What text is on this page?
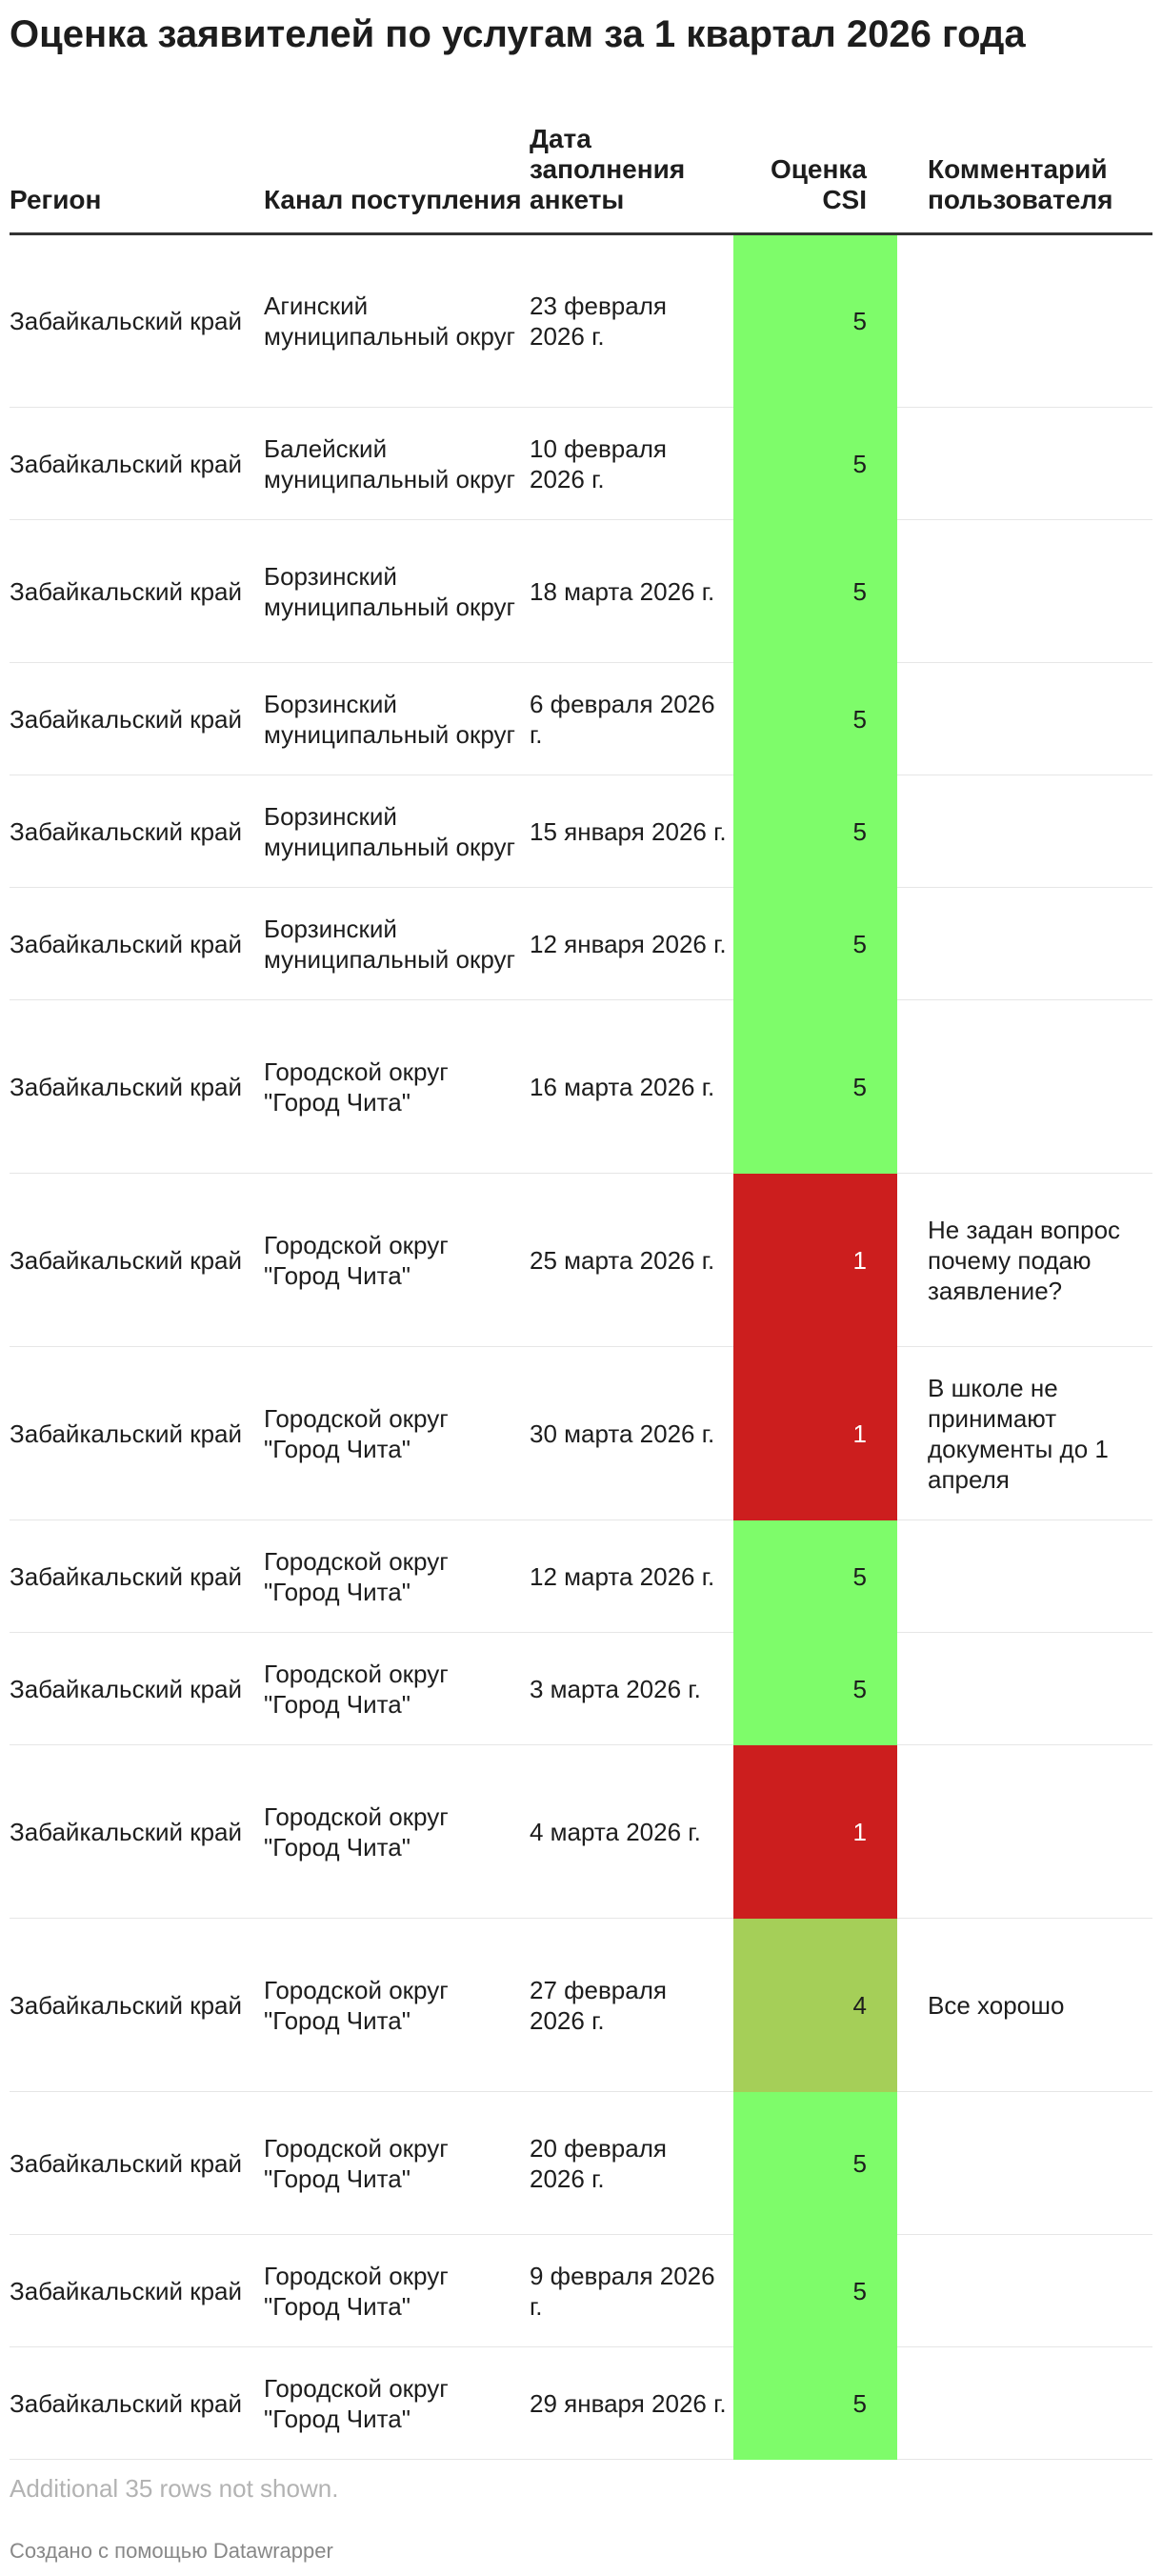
Оценка заявителей по услугам за 1 квартал 2026 года
Регион	Канал поступления	Дата заполнения анкеты	Оценка CSI	Комментарий пользователя
Забайкальский край	Агинский муниципальный округ	23 февраля 2026 г.	5	
Забайкальский край	Балейский муниципальный округ	10 февраля 2026 г.	5	
Забайкальский край	Борзинский муниципальный округ	18 марта 2026 г.	5	
Забайкальский край	Борзинский муниципальный округ	6 февраля 2026 г.	5	
Забайкальский край	Борзинский муниципальный округ	15 января 2026 г.	5	
Забайкальский край	Борзинский муниципальный округ	12 января 2026 г.	5	
Забайкальский край	Городской округ "Город Чита"	16 марта 2026 г.	5	
Забайкальский край	Городской округ "Город Чита"	25 марта 2026 г.	1	Не задан вопрос почему подаю заявление?
Забайкальский край	Городской округ "Город Чита"	30 марта 2026 г.	1	В школе не принимают документы до 1 апреля
Забайкальский край	Городской округ "Город Чита"	12 марта 2026 г.	5	
Забайкальский край	Городской округ "Город Чита"	3 марта 2026 г.	5	
Забайкальский край	Городской округ "Город Чита"	4 марта 2026 г.	1	
Забайкальский край	Городской округ "Город Чита"	27 февраля 2026 г.	4	Все хорошо
Забайкальский край	Городской округ "Город Чита"	20 февраля 2026 г.	5	
Забайкальский край	Городской округ "Город Чита"	9 февраля 2026 г.	5	
Забайкальский край	Городской округ "Город Чита"	29 января 2026 г.	5	
Additional 35 rows not shown.
Создано с помощью Datawrapper
